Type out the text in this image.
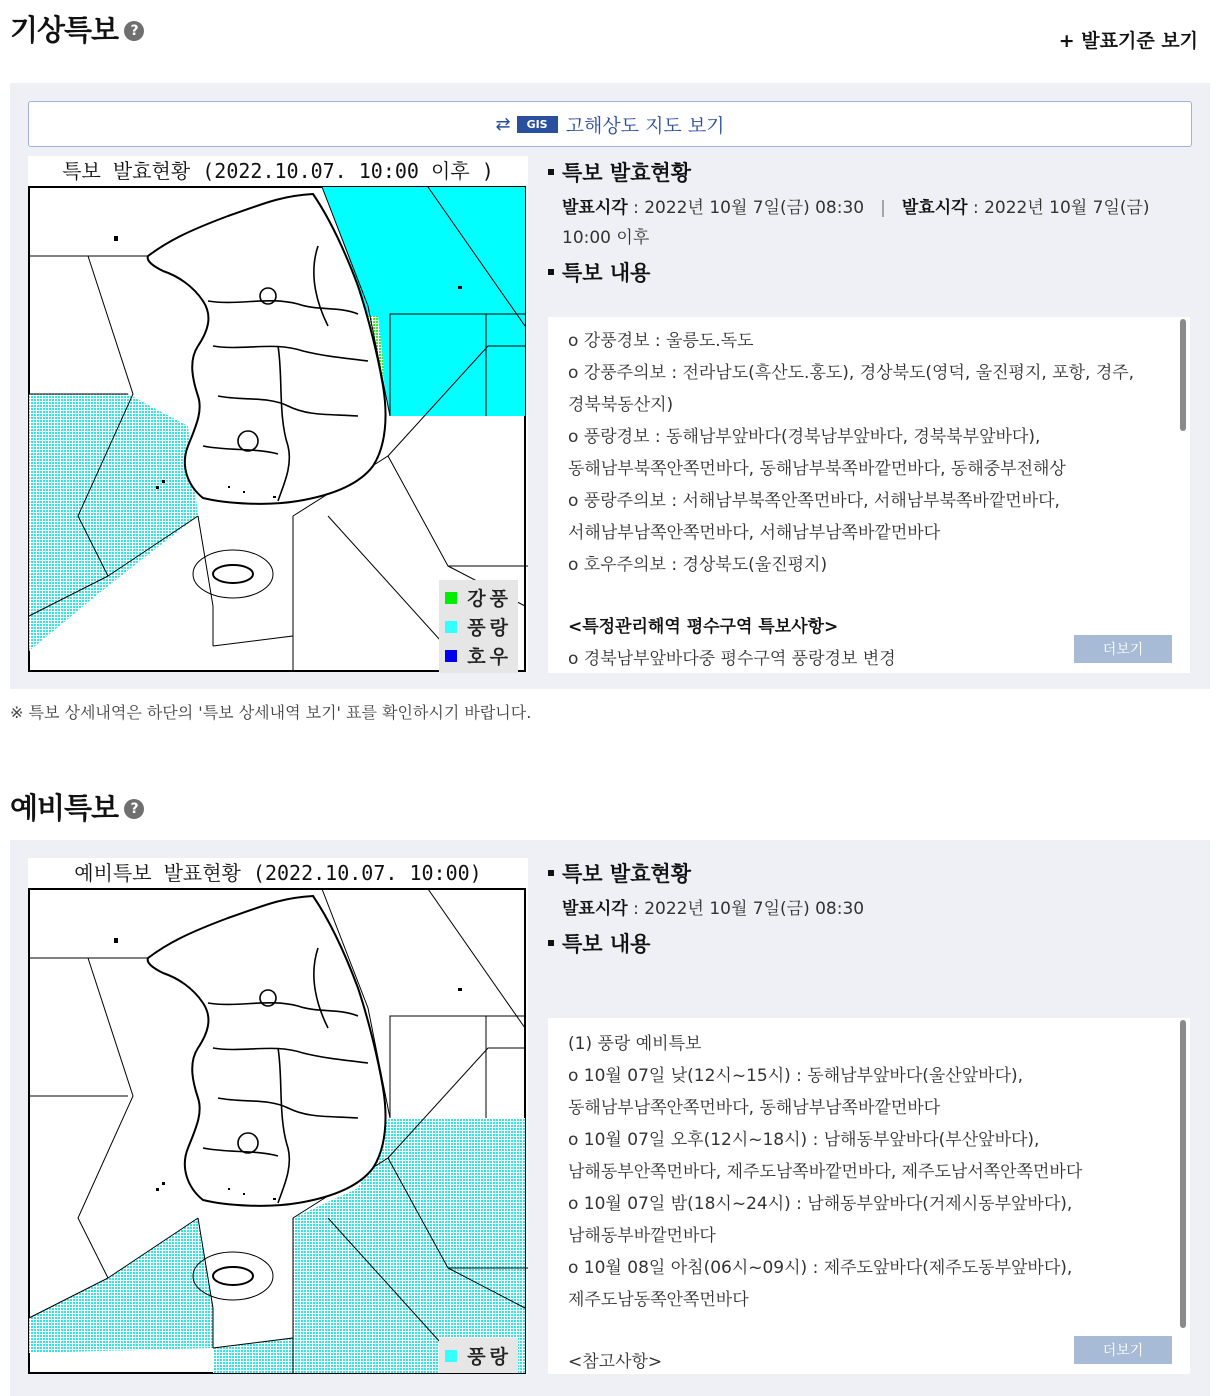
기상특보 ?	+ 발표기준 보기
⇄	GIS 고해상도 지도 보기
특보 발효현황 (2022.10.07. 10:00 이후 )
강풍
풍랑
호우
특보 발효현황
발표시각 : 2022년 10월 7일(금) 08:30 | 발효시각 : 2022년 10월 7일(금) 10:00 이후
특보 내용
o 강풍경보 : 울릉도.독도
o 강풍주의보 : 전라남도(흑산도.홍도), 경상북도(영덕, 울진평지, 포항, 경주,
경북북동산지)
o 풍랑경보 : 동해남부앞바다(경북남부앞바다, 경북북부앞바다),
동해남부북쪽안쪽먼바다, 동해남부북쪽바깥먼바다, 동해중부전해상
o 풍랑주의보 : 서해남부북쪽안쪽먼바다, 서해남부북쪽바깥먼바다,
서해남부남쪽안쪽먼바다, 서해남부남쪽바깥먼바다
o 호우주의보 : 경상북도(울진평지)
<특정관리해역 평수구역 특보사항>
o 경북남부앞바다중 평수구역 풍랑경보 변경	더보기
※ 특보 상세내역은 하단의 '특보 상세내역 보기' 표를 확인하시기 바랍니다.
예비특보 ?
예비특보 발표현황 (2022.10.07. 10:00)
풍랑
특보 발효현황
발표시각 : 2022년 10월 7일(금) 08:30
특보 내용
(1) 풍랑 예비특보
o 10월 07일 낮(12시~15시) : 동해남부앞바다(울산앞바다),
동해남부남쪽안쪽먼바다, 동해남부남쪽바깥먼바다
o 10월 07일 오후(12시~18시) : 남해동부앞바다(부산앞바다),
남해동부안쪽먼바다, 제주도남쪽바깥먼바다, 제주도남서쪽안쪽먼바다
o 10월 07일 밤(18시~24시) : 남해동부앞바다(거제시동부앞바다),
남해동부바깥먼바다
o 10월 08일 아침(06시~09시) : 제주도앞바다(제주도동부앞바다),
제주도남동쪽안쪽먼바다
<참고사항>
더보기
